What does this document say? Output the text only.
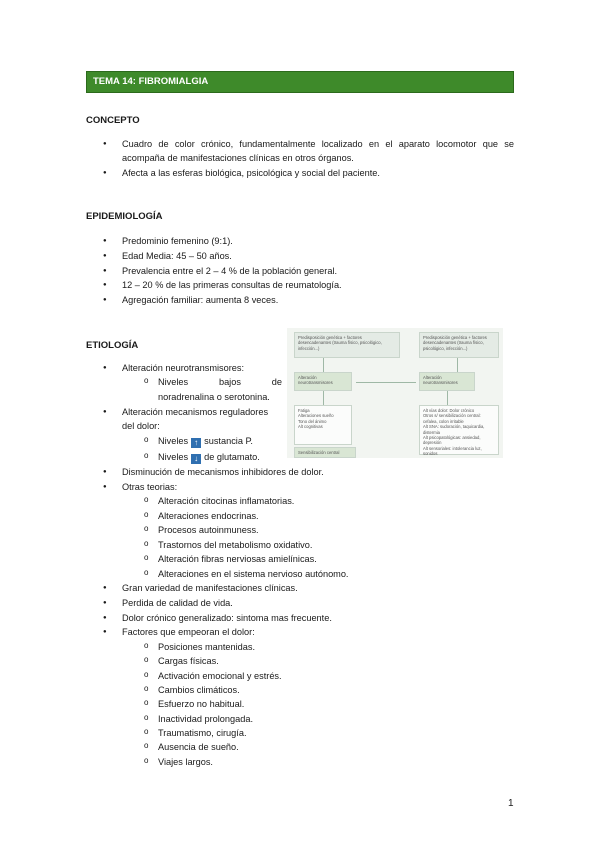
TEMA 14: FIBROMIALGIA
CONCEPTO
● Cuadro de color crónico, fundamentalmente localizado en el aparato locomotor que se
acompaña de manifestaciones clínicas en otros órganos.
● Afecta a las esferas biológica, psicológica y social del paciente.
EPIDEMIOLOGÍA
● Predominio femenino (9:1).
● Edad Media: 45 – 50 años.
● Prevalencia entre el 2 – 4 % de la población general.
● 12 – 20 % de las primeras consultas de reumatología.
● Agregación familiar: aumenta 8 veces.
ETIOLOGÍA
● Alteración neurotransmisores:
o Niveles bajos de
noradrenalina o serotonina.
● Alteración mecanismos reguladores
del dolor:
o Niveles ↑ sustancia P.
o Niveles ↓ de glutamato.
● Disminución de mecanismos inhibidores de dolor.
● Otras teorias:
o Alteración citocinas inflamatorias.
o Alteraciones endocrinas.
o Procesos autoinmuness.
o Trastornos del metabolismo oxidativo.
o Alteración fibras nerviosas amielínicas.
o Alteraciones en el sistema nervioso autónomo.
● Gran variedad de manifestaciones clínicas.
● Perdida de calidad de vida.
● Dolor crónico generalizado: sintoma mas frecuente.
● Factores que empeoran el dolor:
o Posiciones mantenidas.
o Cargas físicas.
o Activación emocional y estrés.
o Cambios climáticos.
o Esfuerzo no habitual.
o Inactividad prolongada.
o Traumatismo, cirugía.
o Ausencia de sueño.
o Viajes largos.
Predisposición genética + factores desencadenantes (trauma físico, psicológico, infección...)
Predisposición genética + factores desencadenantes (trauma físico, psicológico, infección...)
Alteración neurotransmisores
Alteración neurotransmisores
Fatiga
Alteraciones sueño
Tono del ánimo
Alt cognitivas
Sensibilización central
Alt vías dolor: Dolor crónico
Otros s/ sensibilización central: cefalea, colon irritable
Alt SNA: sudoración, taquicardia, distermia
Alt psicopatológicas: ansiedad, depresión
Alt sensoriales: intolerancia luz, sonidos
1
